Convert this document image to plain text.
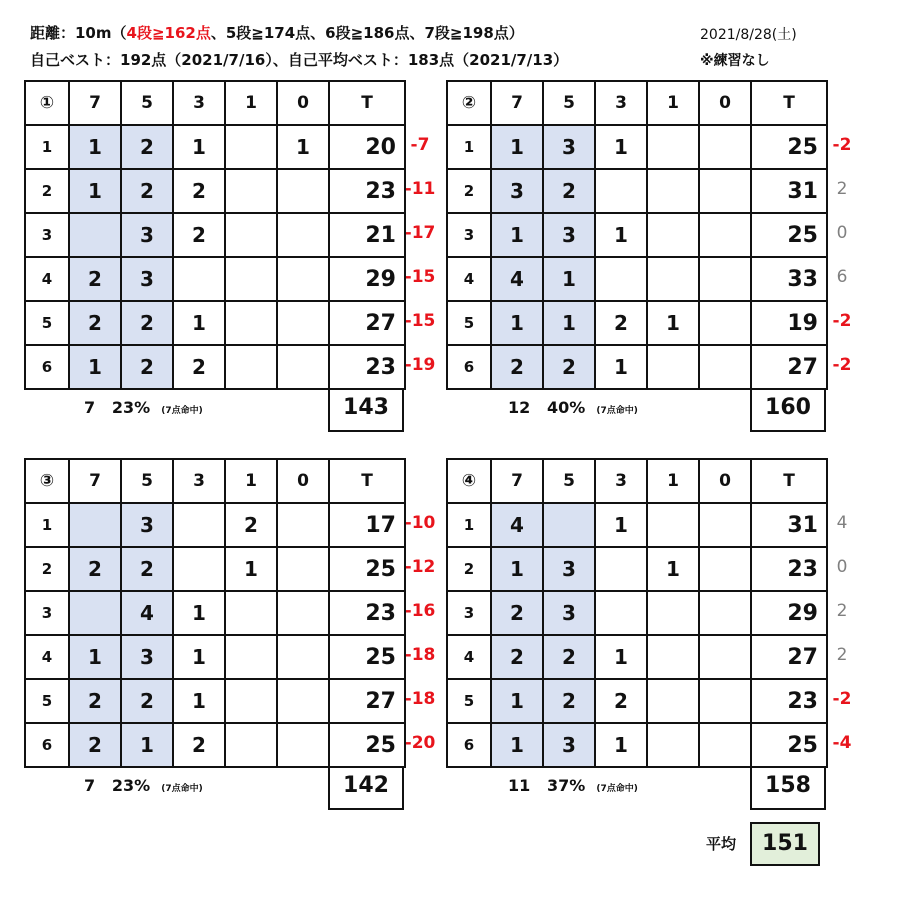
距離：10m（4段≧162点、5段≧174点、6段≧186点、7段≧198点）
自己ベスト：192点（2021/7/16）、自己平均ベスト：183点（2021/7/13）
2021/8/28(土)
※練習なし
-7
-11
-17
-15
-15
-19
①	7	5	3	1	0	T
1	1	2	1		1	20
2	1	2	2			23
3		3	2			21
4	2	3				29
5	2	2	1			27
6	1	2	2			23
7 23% (7点命中)	143
-2
2
0
6
-2
-2
②	7	5	3	1	0	T
1	1	3	1			25
2	3	2				31
3	1	3	1			25
4	4	1				33
5	1	1	2	1		19
6	2	2	1			27
12 40% (7点命中)	160
-10
-12
-16
-18
-18
-20
③	7	5	3	1	0	T
1		3		2		17
2	2	2		1		25
3		4	1			23
4	1	3	1			25
5	2	2	1			27
6	2	1	2			25
7 23% (7点命中)	142
4
0
2
2
-2
-4
④	7	5	3	1	0	T
1	4		1			31
2	1	3		1		23
3	2	3				29
4	2	2	1			27
5	1	2	2			23
6	1	3	1			25
11 37% (7点命中)	158
平均	151
